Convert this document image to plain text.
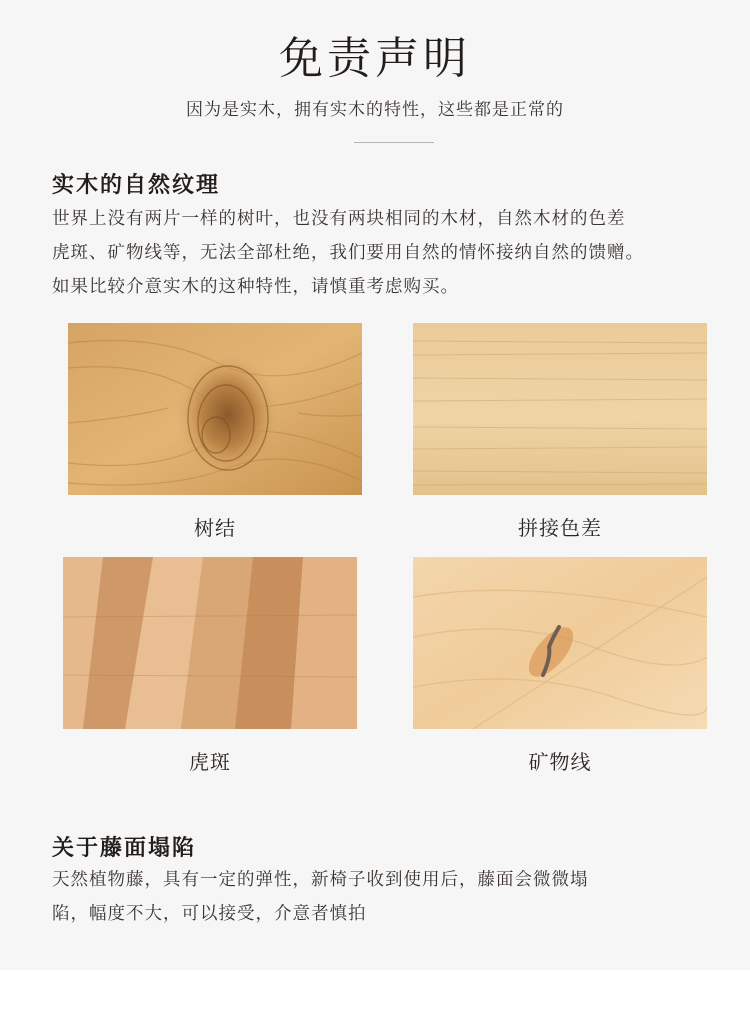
免责声明
因为是实木，拥有实木的特性，这些都是正常的
实木的自然纹理
世界上没有两片一样的树叶，也没有两块相同的木材，自然木材的色差
虎斑、矿物线等，无法全部杜绝，我们要用自然的情怀接纳自然的馈赠。
如果比较介意实木的这种特性，请慎重考虑购买。
树结	拼接色差
虎斑	矿物线
关于藤面塌陷
天然植物藤，具有一定的弹性，新椅子收到使用后，藤面会微微塌
陷，幅度不大，可以接受，介意者慎拍
